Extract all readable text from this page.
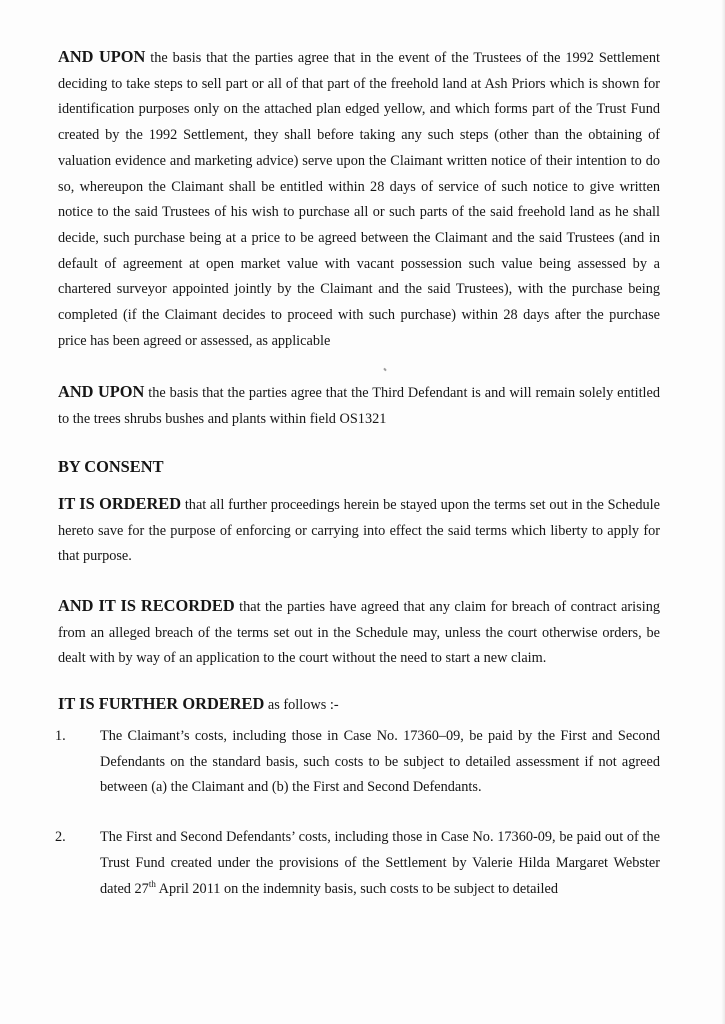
AND UPON the basis that the parties agree that in the event of the Trustees of the 1992 Settlement deciding to take steps to sell part or all of that part of the freehold land at Ash Priors which is shown for identification purposes only on the attached plan edged yellow, and which forms part of the Trust Fund created by the 1992 Settlement, they shall before taking any such steps (other than the obtaining of valuation evidence and marketing advice) serve upon the Claimant written notice of their intention to do so, whereupon the Claimant shall be entitled within 28 days of service of such notice to give written notice to the said Trustees of his wish to purchase all or such parts of the said freehold land as he shall decide, such purchase being at a price to be agreed between the Claimant and the said Trustees (and in default of agreement at open market value with vacant possession such value being assessed by a chartered surveyor appointed jointly by the Claimant and the said Trustees), with the purchase being completed (if the Claimant decides to proceed with such purchase) within 28 days after the purchase price has been agreed or assessed, as applicable

AND UPON the basis that the parties agree that the Third Defendant is and will remain solely entitled to the trees shrubs bushes and plants within field OS1321

BY CONSENT

IT IS ORDERED that all further proceedings herein be stayed upon the terms set out in the Schedule hereto save for the purpose of enforcing or carrying into effect the said terms which liberty to apply for that purpose.

AND IT IS RECORDED that the parties have agreed that any claim for breach of contract arising from an alleged breach of the terms set out in the Schedule may, unless the court otherwise orders, be dealt with by way of an application to the court without the need to start a new claim.

IT IS FURTHER ORDERED as follows :-

1. The Claimant’s costs, including those in Case No. 17360–09, be paid by the First and Second Defendants on the standard basis, such costs to be subject to detailed assessment if not agreed between (a) the Claimant and (b) the First and Second Defendants.
2. The First and Second Defendants’ costs, including those in Case No. 17360-09, be paid out of the Trust Fund created under the provisions of the Settlement by Valerie Hilda Margaret Webster dated 27th April 2011 on the indemnity basis, such costs to be subject to detailed
